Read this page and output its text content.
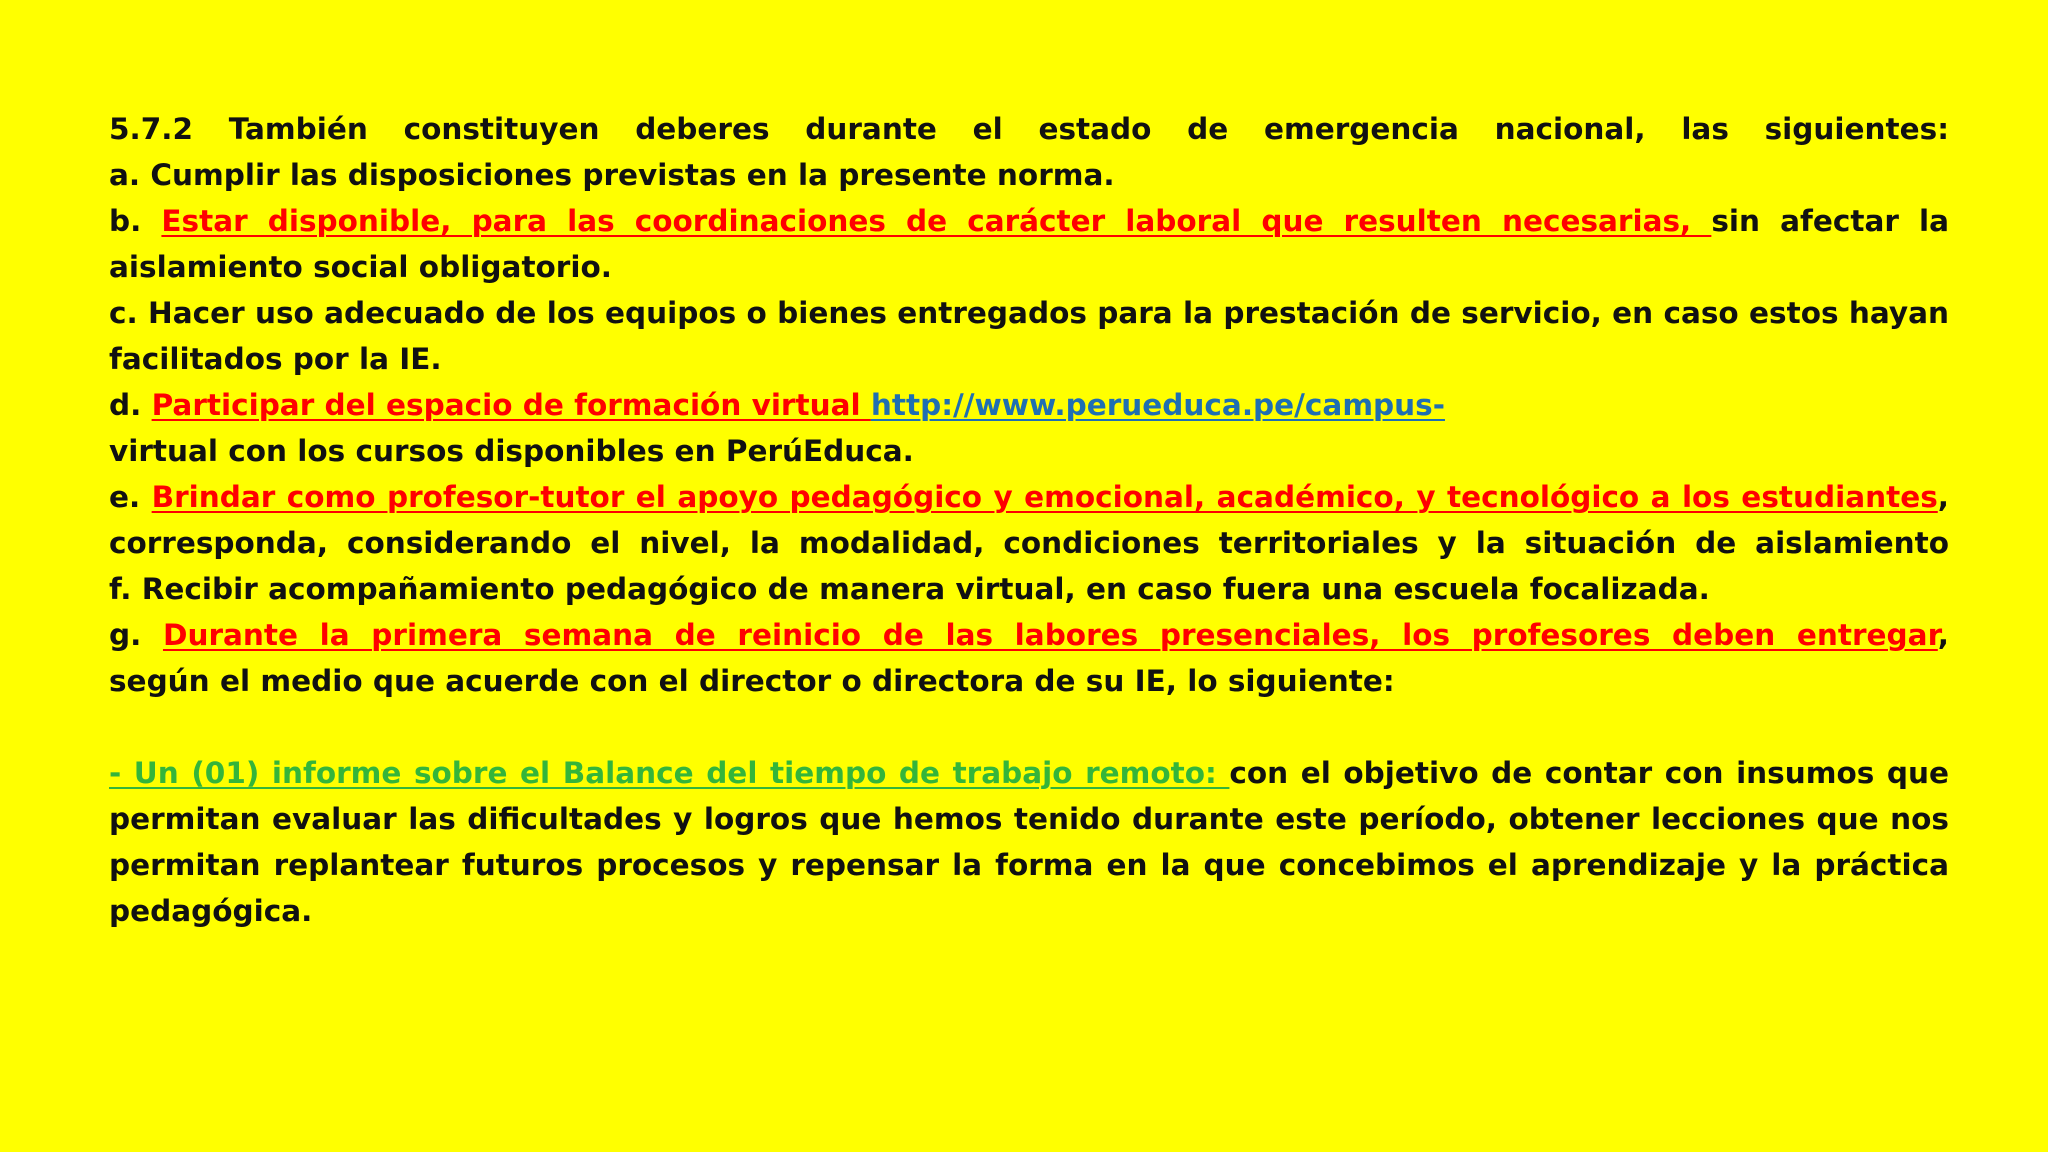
5.7.2 También constituyen deberes durante el estado de emergencia nacional, las siguientes:
a. Cumplir las disposiciones previstas en la presente norma.
b. Estar disponible, para las coordinaciones de carácter laboral que resulten necesarias, sin afectar la
aislamiento social obligatorio.
c. Hacer uso adecuado de los equipos o bienes entregados para la prestación de servicio, en caso estos hayan
facilitados por la IE.
d. Participar del espacio de formación virtual http://www.perueduca.pe/campus-
virtual con los cursos disponibles en PerúEduca.
e. Brindar como profesor-tutor el apoyo pedagógico y emocional, académico, y tecnológico a los estudiantes,
corresponda, considerando el nivel, la modalidad, condiciones territoriales y la situación de aislamiento
f. Recibir acompañamiento pedagógico de manera virtual, en caso fuera una escuela focalizada.
g. Durante la primera semana de reinicio de las labores presenciales, los profesores deben entregar,
según el medio que acuerde con el director o directora de su IE, lo siguiente:
- Un (01) informe sobre el Balance del tiempo de trabajo remoto: con el objetivo de contar con insumos que
permitan evaluar las dificultades y logros que hemos tenido durante este período, obtener lecciones que nos
permitan replantear futuros procesos y repensar la forma en la que concebimos el aprendizaje y la práctica
pedagógica.
